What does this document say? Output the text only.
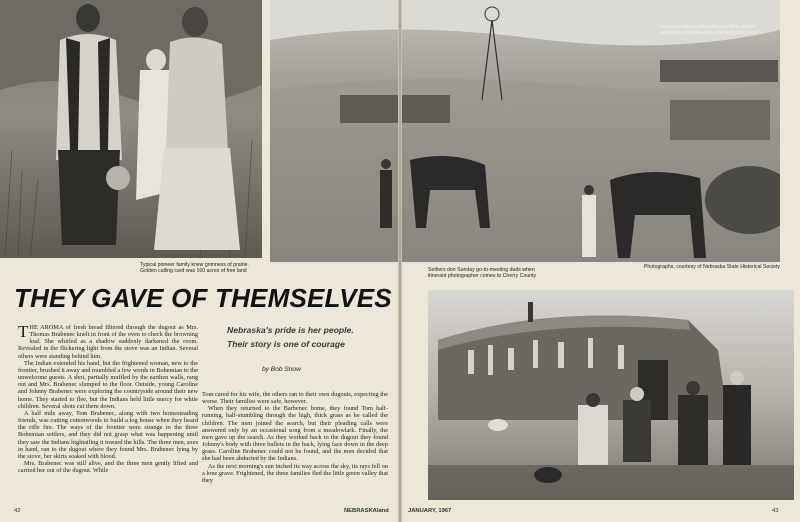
Homesteaders built sodhouse first, added
windmills, equipment as farming prospered
Typical pioneer family knew grimness of prairie.
Golden calling card was 160 acres of free land	Settlers don Sunday go-to-meeting duds when
itinerant photographer comes to Cherry County
Photographs, courtesy of Nebraska State Historical Society
THEY GAVE OF THEMSELVES
Nebraska's pride is her people.
Their story is one of courage
by Bob Snow

THE AROMA of fresh bread filtered through the dugout as Mrs. Thomas Brabenec knelt in front of the oven to check the browning loaf. She whirled as a shadow suddenly darkened the room. Revealed in the flickering light from the stove was an Indian. Several others were standing behind him.

The Indian extended his hand, but the frightened woman, new to the frontier, brushed it away and mumbled a few words in Bohemian to the unwelcome guests. A shot, partially muffled by the earthen walls, rang out and Mrs. Brabenec slumped to the floor. Outside, young Caroline and Johnny Brabenec were exploring the countryside around their new home. They started to flee, but the Indians held little mercy for white children. Several shots cut them down.

A half mile away, Tom Brabenec, along with two homesteading friends, was cutting cottonwoods to build a log house when they heard the rifle fire. The ways of the frontier were strange to the three Bohemian settlers, and they did not grasp what was happening until they saw the Indians hightailing it toward the hills. The three men, axes in hand, ran to the dugout where they found Mrs. Brabenec lying by the stove, her skirts soaked with blood.

Mrs. Brabenec was still alive, and the three men gently lifted and carried her out of the dugout. While

Tom cared for his wife, the others ran to their own dugouts, expecting the worse. Their families were safe, however.

When they returned to the Barbenec home, they found Tom half-running, half-stumbling through the high, thick grass as he called the children. The men joined the search, but their pleading calls were answered only by an occasional song from a meadowlark. Finally, the men gave up the search. As they worked back to the dugout they found Johnny's body with three bullets in the back, lying face down in the deep grass. Caroline Brabenec could not be found, and the men decided that she had been abducted by the Indians.

As the next morning's sun inched its way across the sky, its rays fell on a lone grave. Frightened, the three families fled the little green valley that they

42	NEBRASKAland	JANUARY, 1967	43
